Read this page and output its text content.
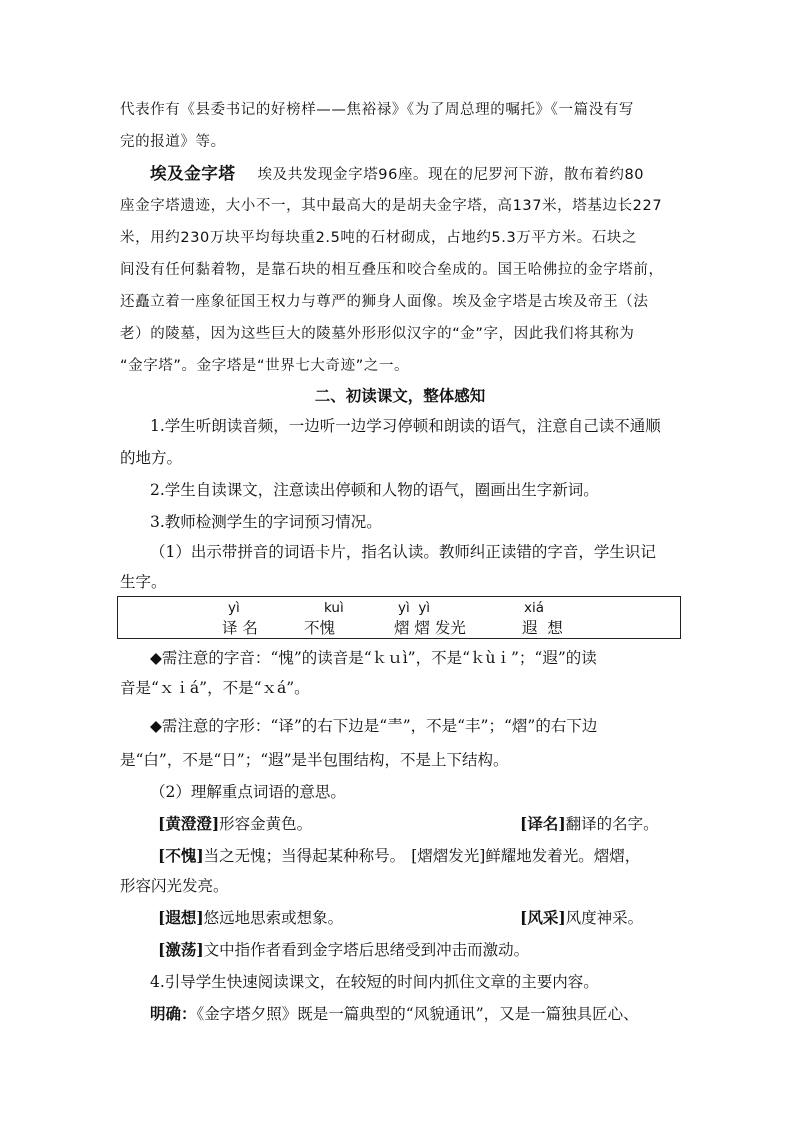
代表作有《县委书记的好榜样——焦裕禄》《为了周总理的嘱托》《一篇没有写
完的报道》等。
埃及金字塔 埃及共发现金字塔96座。现在的尼罗河下游，散布着约80
座金字塔遗迹，大小不一，其中最高大的是胡夫金字塔，高137米，塔基边长227
米，用约230万块平均每块重2.5吨的石材砌成，占地约5.3万平方米。石块之
间没有任何黏着物，是靠石块的相互叠压和咬合垒成的。国王哈佛拉的金字塔前，
还矗立着一座象征国王权力与尊严的狮身人面像。埃及金字塔是古埃及帝王（法
老）的陵墓，因为这些巨大的陵墓外形形似汉字的“金”字，因此我们将其称为
“金字塔”。金字塔是“世界七大奇迹”之一。
二、初读课文，整体感知
1.学生听朗读音频，一边听一边学习停顿和朗读的语气，注意自己读不通顺
的地方。
2.学生自读课文，注意读出停顿和人物的语气，圈画出生字新词。
3.教师检测学生的字词预习情况。
（1）出示带拼音的词语卡片，指名认读。教师纠正读错的字音，学生识记
生字。
yì
译 名
kuì
不愧
yì  yì
熠 熠 发光
xiá
遐  想
◆需注意的字音：“愧”的读音是“ｋｕì”，不是“ｋùｉ”；“遐”的读
音是“ｘｉá”，不是“ｘá”。
◆需注意的字形：“译”的右下边是“龶”，不是“丰”；“熠”的右下边
是“白”，不是“日”；“遐”是半包围结构，不是上下结构。
（2）理解重点词语的意思。
[黄澄澄]形容金黄色。	[译名]翻译的名字。
[不愧]当之无愧；当得起某种称号。 [熠熠发光]鲜耀地发着光。熠熠，
形容闪光发亮。
[遐想]悠远地思索或想象。	[风采]风度神采。
[激荡]文中指作者看到金字塔后思绪受到冲击而激动。
4.引导学生快速阅读课文，在较短的时间内抓住文章的主要内容。
明确：《金字塔夕照》既是一篇典型的“风貌通讯”，又是一篇独具匠心、
